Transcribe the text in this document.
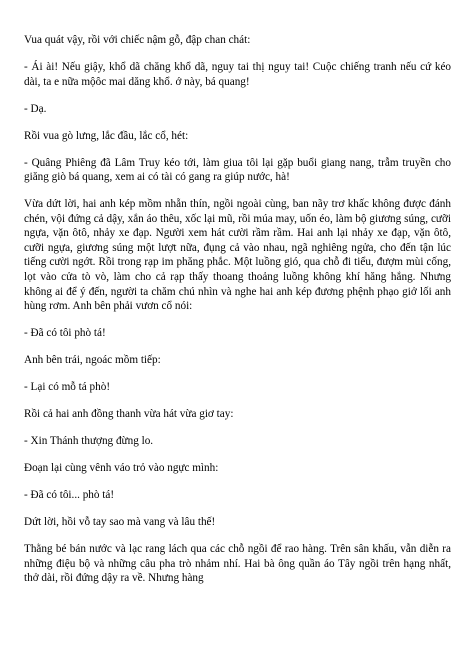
Vua quát vậy, rồi với chiếc nậm gỗ, đập chan chát:

- Ái ài! Nếu giậy, khổ dã chăng khổ dã, nguy tai thị nguy tai! Cuộc chiếng tranh nếu cứ kéo dài, ta e nữa mộôc mai dăng khổ. ớ này, bá quang!

- Dạ.

Rồi vua gò lưng, lắc đầu, lắc cổ, hét:

- Quâng Phiêng đã Lâm Truy kéo tới, làm giua tôi lại gặp buổi giang nang, trẫm truyền cho giăng giò bá quang, xem ai có tài có gang ra giúp nước, hà!

Vừa dứt lời, hai anh kép mồm nhẵn thín, ngồi ngoài cùng, ban nãy trơ khấc không được đánh chén, vội đứng cả dậy, xắn áo thêu, xốc lại mũ, rồi múa may, uốn éo, làm bộ giương súng, cưỡi ngựa, vặn ôtô, nhảy xe đạp. Người xem hát cười rầm rầm. Hai anh lại nhảy xe đạp, vặn ôtô, cưỡi ngựa, giương súng một lượt nữa, đụng cả vào nhau, ngã nghiêng ngửa, cho đến tận lúc tiếng cười ngớt. Rồi trong rạp im phăng phắc. Một luồng gió, qua chỗ đi tiểu, đượm mùi cống, lọt vào cửa tò vò, làm cho cả rạp thấy thoang thoảng luồng không khí hăng hắng. Nhưng không ai để ý đến, người ta chăm chú nhìn và nghe hai anh kép đương phệnh phạo giở lối anh hùng rơm. Anh bên phải vươn cổ nói:

- Đã có tôi phò tá!

Anh bên trái, ngoác mồm tiếp:

- Lại có mỗ tá phò!

Rồi cả hai anh đồng thanh vừa hát vừa giơ tay:

- Xin Thánh thượng đừng lo.

Đoạn lại cùng vênh váo trỏ vào ngực mình:

- Đã có tôi... phò tá!

Dứt lời, hồi vỗ tay sao mà vang và lâu thế!

Thằng bé bán nước và lạc rang lách qua các chỗ ngồi để rao hàng. Trên sân khấu, vẫn diễn ra những điệu bộ và những câu pha trò nhảm nhí. Hai bà ông quần áo Tây ngồi trên hạng nhất, thở dài, rồi đứng dậy ra về. Nhưng hàng
